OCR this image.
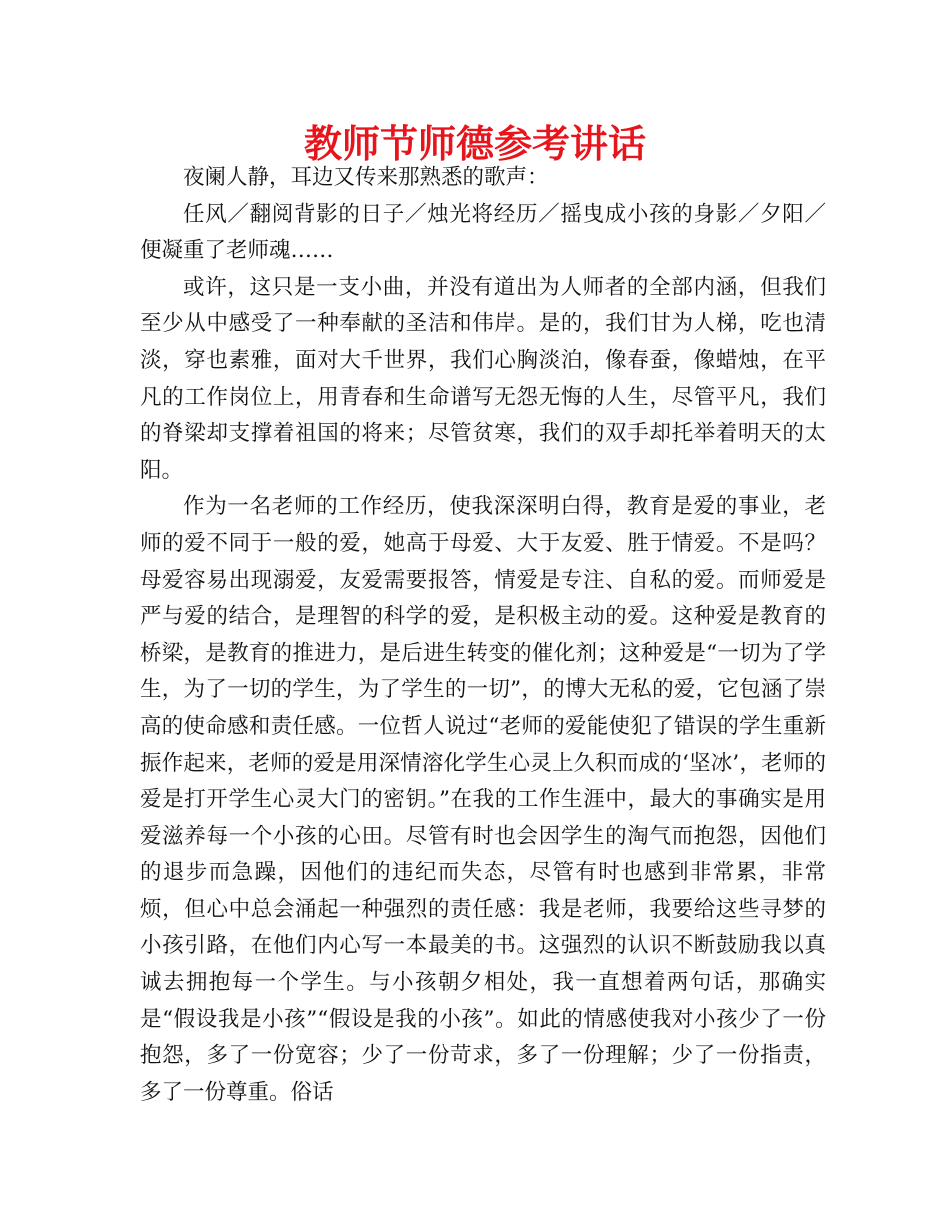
教师节师德参考讲话

夜阑人静，耳边又传来那熟悉的歌声：

任风／翻阅背影的日子／烛光将经历／摇曳成小孩的身影／夕阳／便凝重了老师魂……

或许，这只是一支小曲，并没有道出为人师者的全部内涵，但我们至少从中感受了一种奉献的圣洁和伟岸。是的，我们甘为人梯，吃也清淡，穿也素雅，面对大千世界，我们心胸淡泊，像春蚕，像蜡烛，在平凡的工作岗位上，用青春和生命谱写无怨无悔的人生，尽管平凡，我们的脊梁却支撑着祖国的将来；尽管贫寒，我们的双手却托举着明天的太阳。

作为一名老师的工作经历，使我深深明白得，教育是爱的事业，老师的爱不同于一般的爱，她高于母爱、大于友爱、胜于情爱。不是吗？母爱容易出现溺爱，友爱需要报答，情爱是专注、自私的爱。而师爱是严与爱的结合，是理智的科学的爱，是积极主动的爱。这种爱是教育的桥梁，是教育的推进力，是后进生转变的催化剂；这种爱是“一切为了学生，为了一切的学生，为了学生的一切”，的博大无私的爱，它包涵了崇高的使命感和责任感。一位哲人说过“老师的爱能使犯了错误的学生重新振作起来，老师的爱是用深情溶化学生心灵上久积而成的‘坚冰’，老师的爱是打开学生心灵大门的密钥。”在我的工作生涯中，最大的事确实是用爱滋养每一个小孩的心田。尽管有时也会因学生的淘气而抱怨，因他们的退步而急躁，因他们的违纪而失态，尽管有时也感到非常累，非常烦，但心中总会涌起一种强烈的责任感：我是老师，我要给这些寻梦的小孩引路，在他们内心写一本最美的书。这强烈的认识不断鼓励我以真诚去拥抱每一个学生。与小孩朝夕相处，我一直想着两句话，那确实是“假设我是小孩”“假设是我的小孩”。如此的情感使我对小孩少了一份抱怨，多了一份宽容；少了一份苛求，多了一份理解；少了一份指责，多了一份尊重。俗话
